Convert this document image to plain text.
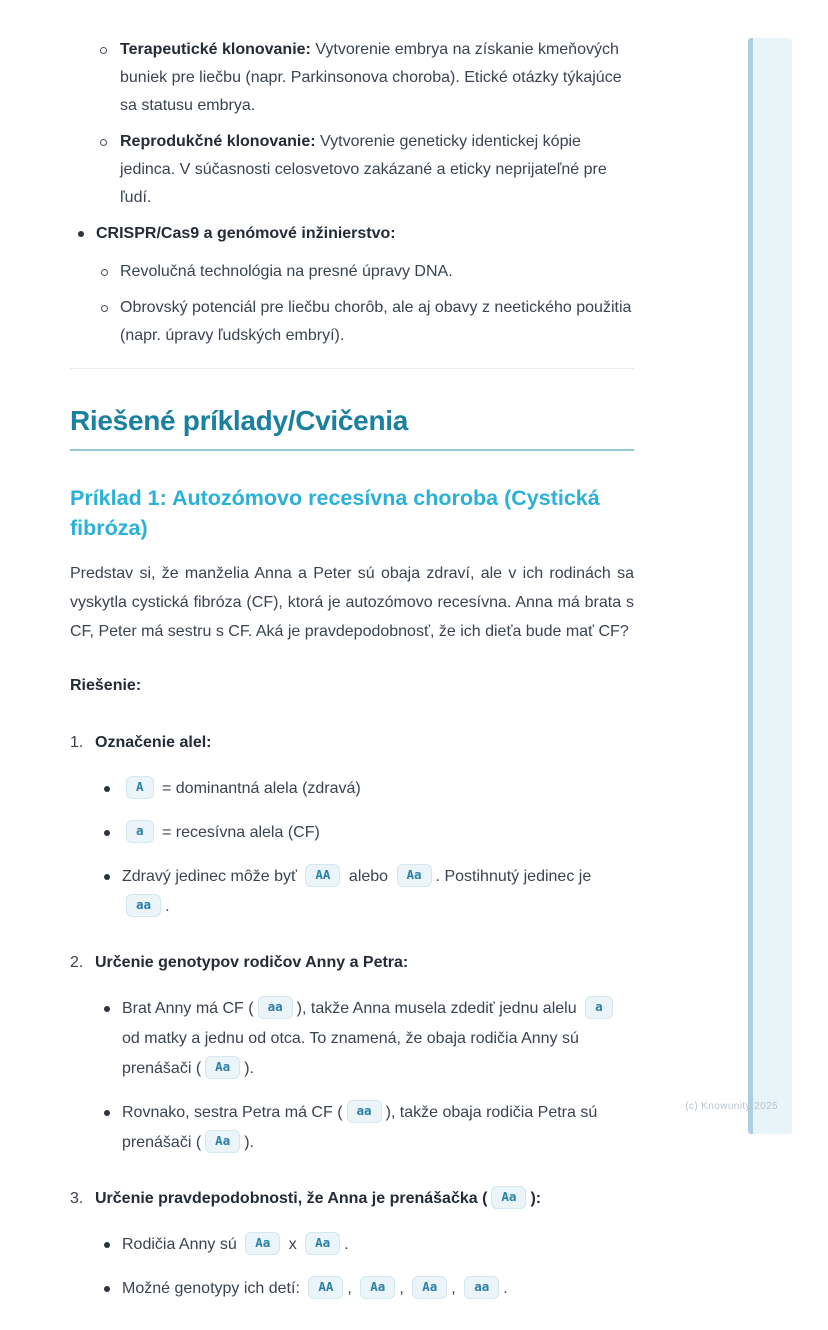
(c) Knowunity 2025
Terapeutické klonovanie: Vytvorenie embrya na získanie kmeňových buniek pre liečbu (napr. Parkinsonova choroba). Etické otázky týkajúce sa statusu embrya.
Reprodukčné klonovanie: Vytvorenie geneticky identickej kópie jedinca. V súčasnosti celosvetovo zakázané a eticky neprijateľné pre ľudí.
CRISPR/Cas9 a genómové inžinierstvo:
Revolučná technológia na presné úpravy DNA.
Obrovský potenciál pre liečbu chorôb, ale aj obavy z neetického použitia (napr. úpravy ľudských embryí).
Riešené príklady/Cvičenia
Príklad 1: Autozómovo recesívna choroba (Cystická fibróza)

Predstav si, že manželia Anna a Peter sú obaja zdraví, ale v ich rodinách sa vyskytla cystická fibróza (CF), ktorá je autozómovo recesívna. Anna má brata s CF, Peter má sestru s CF. Aká je pravdepodobnosť, že ich dieťa bude mať CF?

Riešenie:

1. Označenie alel:
A = dominantná alela (zdravá)
a = recesívna alela (CF)
Zdravý jedinec môže byť AA alebo Aa . Postihnutý jedinec je aa .
2. Určenie genotypov rodičov Anny a Petra:
Brat Anny má CF ( aa ), takže Anna musela zdediť jednu alelu a od matky a jednu od otca. To znamená, že obaja rodičia Anny sú prenášači ( Aa ).
Rovnako, sestra Petra má CF ( aa ), takže obaja rodičia Petra sú prenášači ( Aa ).
3. Určenie pravdepodobnosti, že Anna je prenášačka ( Aa ):
Rodičia Anny sú Aa x Aa .
Možné genotypy ich detí: AA , Aa , Aa , aa .
